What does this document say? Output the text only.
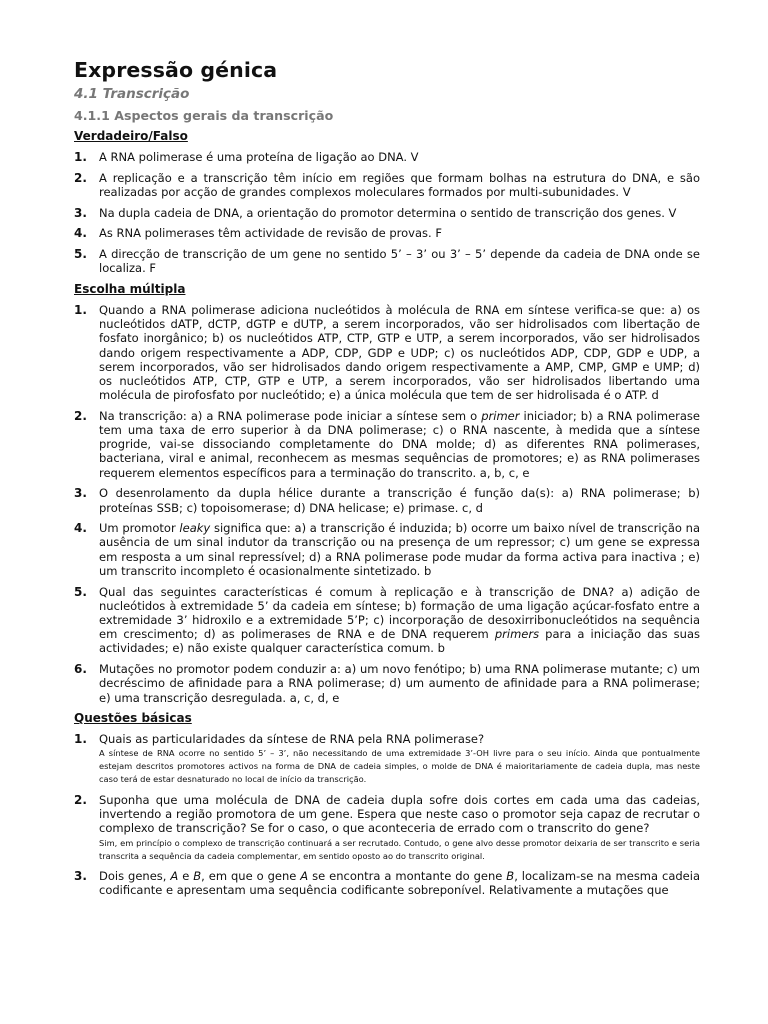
Expressão génica
4.1 Transcrição
4.1.1 Aspectos gerais da transcrição
Verdadeiro/Falso
1.	A RNA polimerase é uma proteína de ligação ao DNA. V
2.	A replicação e a transcrição têm início em regiões que formam bolhas na estrutura do DNA, e são realizadas por acção de grandes complexos moleculares formados por multi-subunidades. V
3.	Na dupla cadeia de DNA, a orientação do promotor determina o sentido de transcrição dos genes. V
4.	As RNA polimerases têm actividade de revisão de provas. F
5.	A direcção de transcrição de um gene no sentido 5’ – 3’ ou 3’ – 5’ depende da cadeia de DNA onde se localiza. F
Escolha múltipla
1.	Quando a RNA polimerase adiciona nucleótidos à molécula de RNA em síntese verifica-se que: a) os nucleótidos dATP, dCTP, dGTP e dUTP, a serem incorporados, vão ser hidrolisados com libertação de fosfato inorgânico; b) os nucleótidos ATP, CTP, GTP e UTP, a serem incorporados, vão ser hidrolisados dando origem respectivamente a ADP, CDP, GDP e UDP; c) os nucleótidos ADP, CDP, GDP e UDP, a serem incorporados, vão ser hidrolisados dando origem respectivamente a AMP, CMP, GMP e UMP; d) os nucleótidos ATP, CTP, GTP e UTP, a serem incorporados, vão ser hidrolisados libertando uma molécula de pirofosfato por nucleótido; e) a única molécula que tem de ser hidrolisada é o ATP. d
2.	Na transcrição: a) a RNA polimerase pode iniciar a síntese sem o primer iniciador; b) a RNA polimerase tem uma taxa de erro superior à da DNA polimerase; c) o RNA nascente, à medida que a síntese progride, vai-se dissociando completamente do DNA molde; d) as diferentes RNA polimerases, bacteriana, viral e animal, reconhecem as mesmas sequências de promotores; e) as RNA polimerases requerem elementos específicos para a terminação do transcrito. a, b, c, e
3.	O desenrolamento da dupla hélice durante a transcrição é função da(s): a) RNA polimerase; b) proteínas SSB; c) topoisomerase; d) DNA helicase; e) primase. c, d
4.	Um promotor leaky significa que: a) a transcrição é induzida; b) ocorre um baixo nível de transcrição na ausência de um sinal indutor da transcrição ou na presença de um repressor; c) um gene se expressa em resposta a um sinal repressível; d) a RNA polimerase pode mudar da forma activa para inactiva ; e) um transcrito incompleto é ocasionalmente sintetizado. b
5.	Qual das seguintes características é comum à replicação e à transcrição de DNA? a) adição de nucleótidos à extremidade 5’ da cadeia em síntese; b) formação de uma ligação açúcar-fosfato entre a extremidade 3’ hidroxilo e a extremidade 5’P; c) incorporação de desoxirribonucleótidos na sequência em crescimento; d) as polimerases de RNA e de DNA requerem primers para a iniciação das suas actividades; e) não existe qualquer característica comum. b
6.	Mutações no promotor podem conduzir a: a) um novo fenótipo; b) uma RNA polimerase mutante; c) um decréscimo de afinidade para a RNA polimerase; d) um aumento de afinidade para a RNA polimerase; e) uma transcrição desregulada. a, c, d, e
Questões básicas
1.	Quais as particularidades da síntese de RNA pela RNA polimerase?
A síntese de RNA ocorre no sentido 5’ – 3’, não necessitando de uma extremidade 3’-OH livre para o seu início. Ainda que pontualmente estejam descritos promotores activos na forma de DNA de cadeia simples, o molde de DNA é maioritariamente de cadeia dupla, mas neste caso terá de estar desnaturado no local de início da transcrição.
2.	Suponha que uma molécula de DNA de cadeia dupla sofre dois cortes em cada uma das cadeias, invertendo a região promotora de um gene. Espera que neste caso o promotor seja capaz de recrutar o complexo de transcrição? Se for o caso, o que aconteceria de errado com o transcrito do gene?
Sim, em princípio o complexo de transcrição continuará a ser recrutado. Contudo, o gene alvo desse promotor deixaria de ser transcrito e seria transcrita a sequência da cadeia complementar, em sentido oposto ao do transcrito original.
3.	Dois genes, A e B, em que o gene A se encontra a montante do gene B, localizam-se na mesma cadeia codificante e apresentam uma sequência codificante sobreponível. Relativamente a mutações que
